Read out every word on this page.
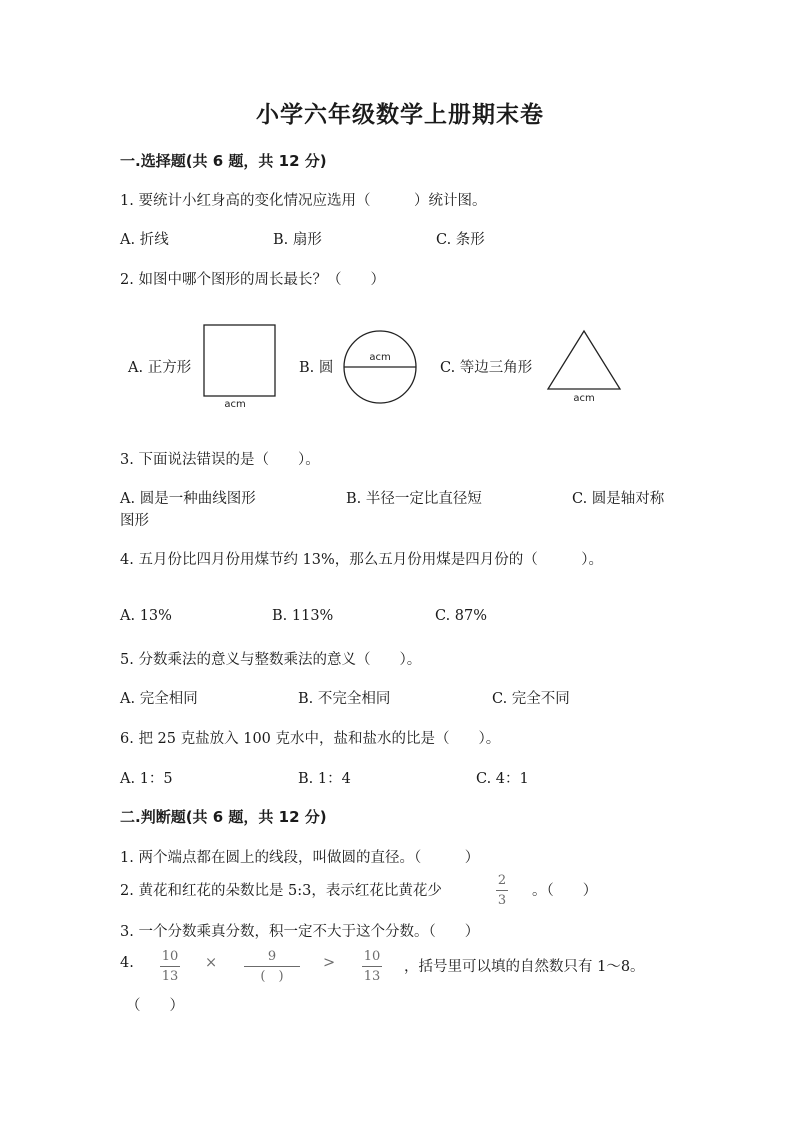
小学六年级数学上册期末卷
一.选择题(共 6 题，共 12 分)
1. 要统计小红身高的变化情况应选用（　　　）统计图。
A. 折线	B. 扇形	C. 条形
2. 如图中哪个图形的周长最长？（　　）
A. 正方形	B. 圆	C. 等边三角形
acm
acm
acm
3. 下面说法错误的是（　　）。
A. 圆是一种曲线图形	B. 半径一定比直径短	C. 圆是轴对称
图形
4. 五月份比四月份用煤节约 13%，那么五月份用煤是四月份的（　　　）。
A. 13%	B. 113%	C. 87%
5. 分数乘法的意义与整数乘法的意义（　　）。
A. 完全相同	B. 不完全相同	C. 完全不同
6. 把 25 克盐放入 100 克水中，盐和盐水的比是（　　）。
A. 1：5	B. 1：4	C. 4：1
二.判断题(共 6 题，共 12 分)
1. 两个端点都在圆上的线段，叫做圆的直径。（　　　）
2. 黄花和红花的朵数比是 5:3，表示红花比黄花少
2
3
。（　　）
3. 一个分数乘真分数，积一定不大于这个分数。（　　）
4. 10
13
×	9
(　)
> 10
13
，括号里可以填的自然数只有 1～8。
（　　）
